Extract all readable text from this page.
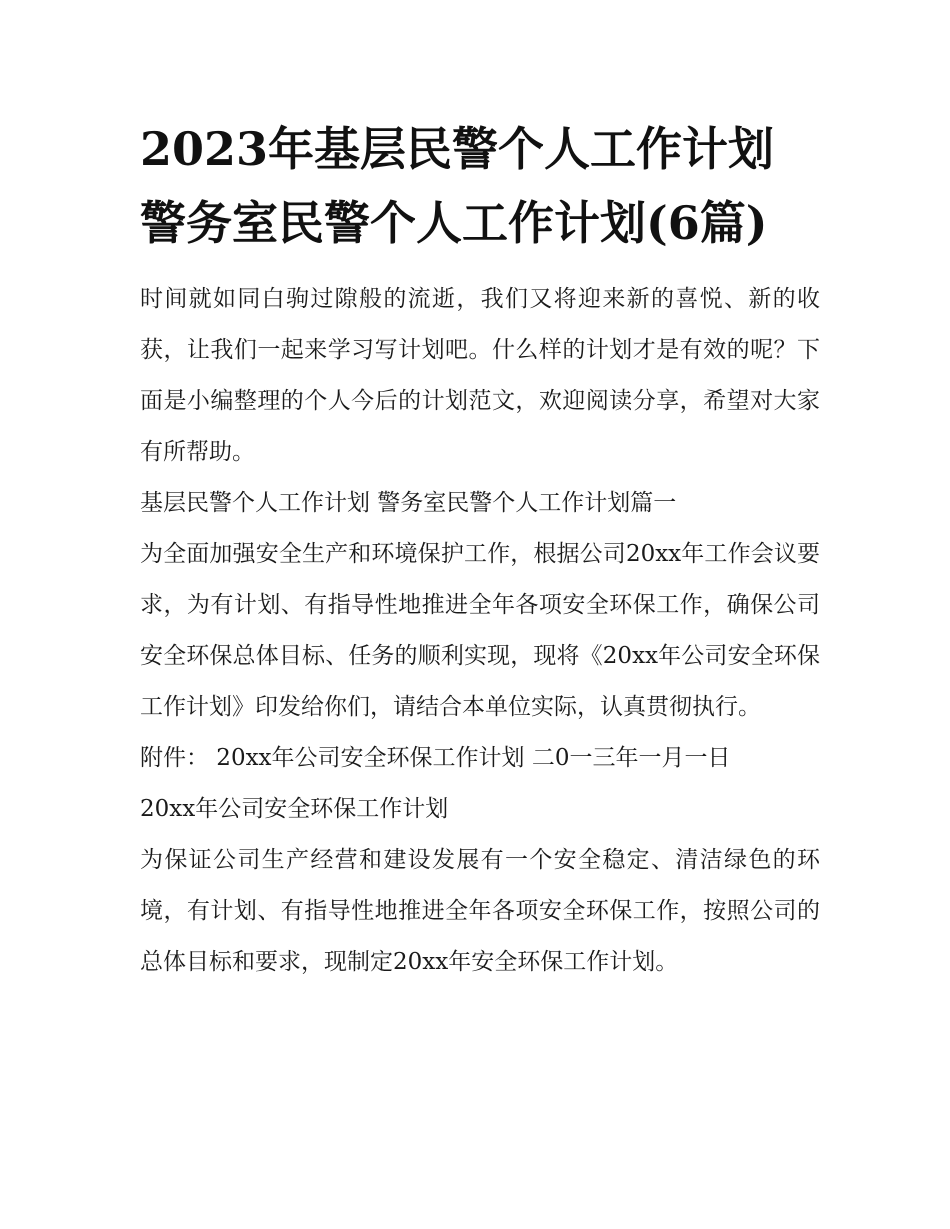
2023年基层民警个人工作计划 警务室民警个人工作计划(6篇)

时间就如同白驹过隙般的流逝，我们又将迎来新的喜悦、新的收获，让我们一起来学习写计划吧。什么样的计划才是有效的呢？下面是小编整理的个人今后的计划范文，欢迎阅读分享，希望对大家有所帮助。

基层民警个人工作计划 警务室民警个人工作计划篇一

为全面加强安全生产和环境保护工作，根据公司20xx年工作会议要求，为有计划、有指导性地推进全年各项安全环保工作，确保公司安全环保总体目标、任务的顺利实现，现将《20xx年公司安全环保工作计划》印发给你们，请结合本单位实际，认真贯彻执行。

附件： 20xx年公司安全环保工作计划 二0一三年一月一日

20xx年公司安全环保工作计划

为保证公司生产经营和建设发展有一个安全稳定、清洁绿色的环境，有计划、有指导性地推进全年各项安全环保工作，按照公司的总体目标和要求，现制定20xx年安全环保工作计划。
